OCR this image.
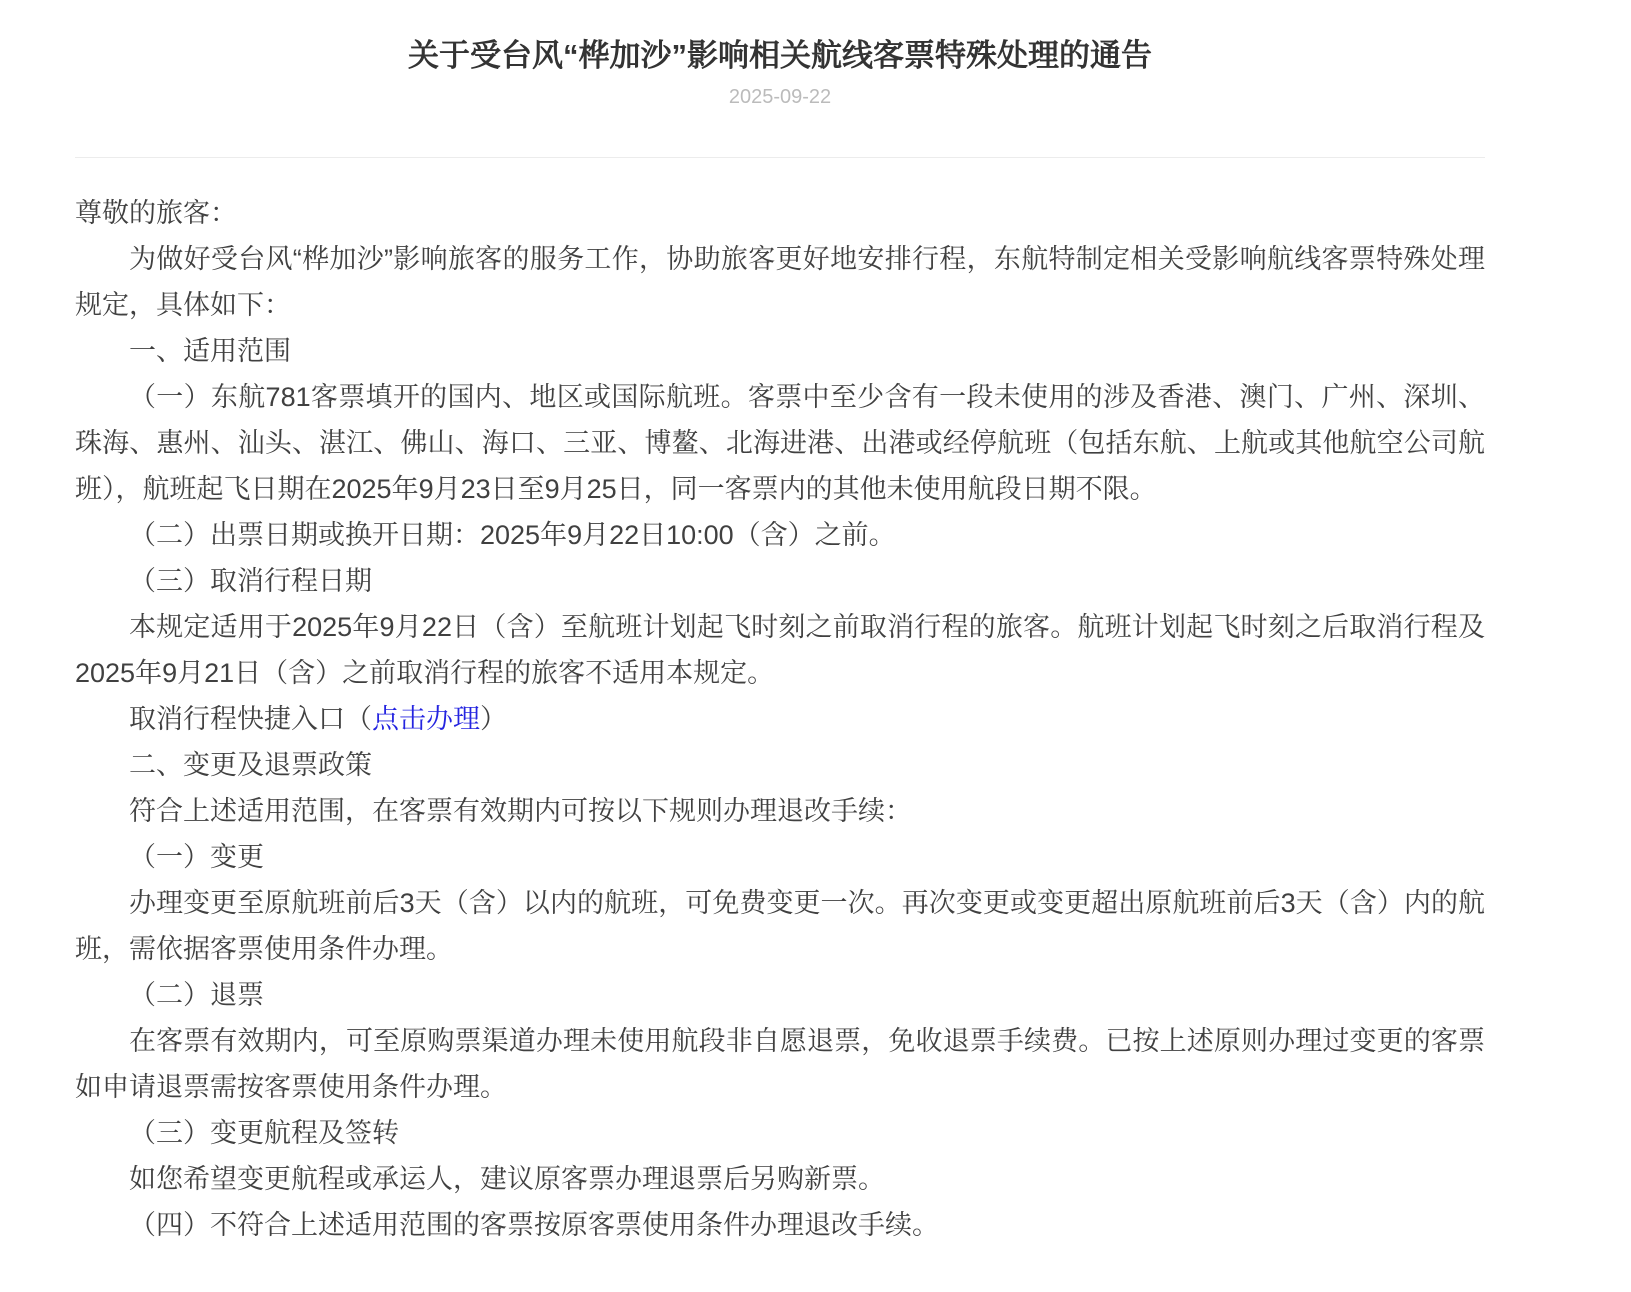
关于受台风“桦加沙”影响相关航线客票特殊处理的通告
2025-09-22

尊敬的旅客：

为做好受台风“桦加沙”影响旅客的服务工作，协助旅客更好地安排行程，东航特制定相关受影响航线客票特殊处理规定，具体如下：

一、适用范围

（一）东航781客票填开的国内、地区或国际航班。客票中至少含有一段未使用的涉及香港、澳门、广州、深圳、珠海、惠州、汕头、湛江、佛山、海口、三亚、博鳌、北海进港、出港或经停航班（包括东航、上航或其他航空公司航班），航班起飞日期在2025年9月23日至9月25日，同一客票内的其他未使用航段日期不限。

（二）出票日期或换开日期：2025年9月22日10:00（含）之前。

（三）取消行程日期

本规定适用于2025年9月22日（含）至航班计划起飞时刻之前取消行程的旅客。航班计划起飞时刻之后取消行程及2025年9月21日（含）之前取消行程的旅客不适用本规定。

取消行程快捷入口（点击办理）

二、变更及退票政策

符合上述适用范围，在客票有效期内可按以下规则办理退改手续：

（一）变更

办理变更至原航班前后3天（含）以内的航班，可免费变更一次。再次变更或变更超出原航班前后3天（含）内的航班，需依据客票使用条件办理。

（二）退票

在客票有效期内，可至原购票渠道办理未使用航段非自愿退票，免收退票手续费。已按上述原则办理过变更的客票如申请退票需按客票使用条件办理。

（三）变更航程及签转

如您希望变更航程或承运人，建议原客票办理退票后另购新票。

（四）不符合上述适用范围的客票按原客票使用条件办理退改手续。
